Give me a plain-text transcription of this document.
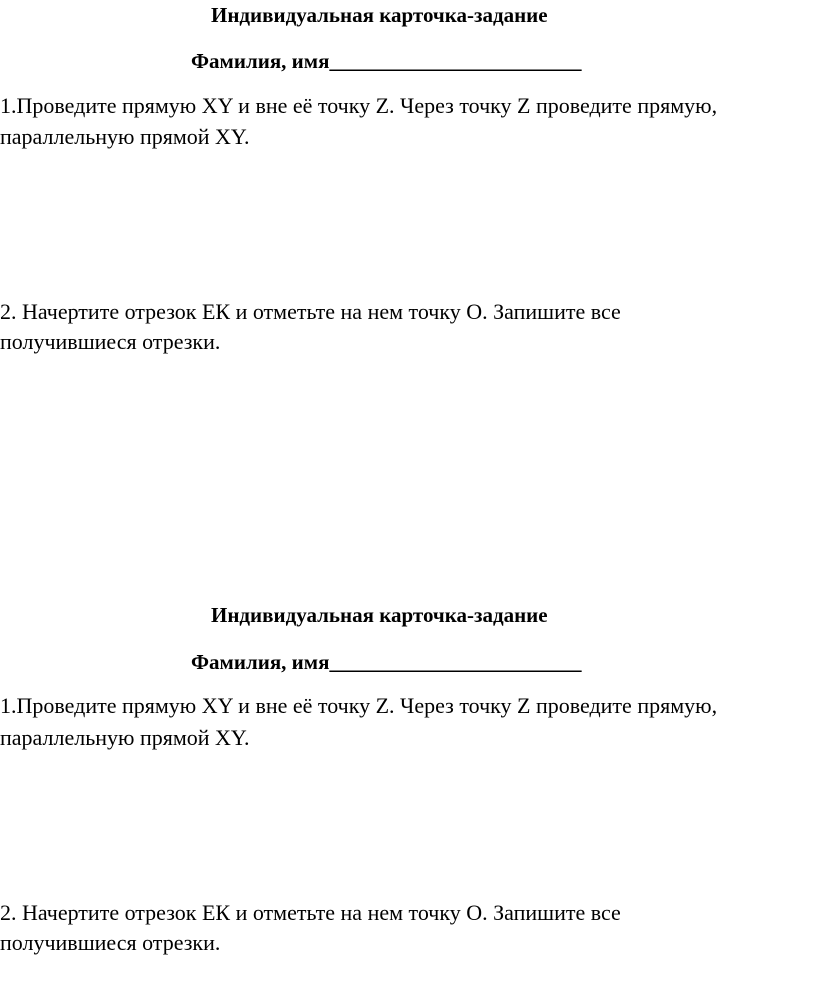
Индивидуальная карточка-задание
Фамилия, имя________________________
1.Проведите прямую XY и вне её точку Z. Через точку Z проведите прямую,
параллельную прямой XY.
2. Начертите отрезок ЕК и отметьте на нем точку О. Запишите все
получившиеся отрезки.
Индивидуальная карточка-задание
Фамилия, имя________________________
1.Проведите прямую XY и вне её точку Z. Через точку Z проведите прямую,
параллельную прямой XY.
2. Начертите отрезок ЕК и отметьте на нем точку О. Запишите все
получившиеся отрезки.
